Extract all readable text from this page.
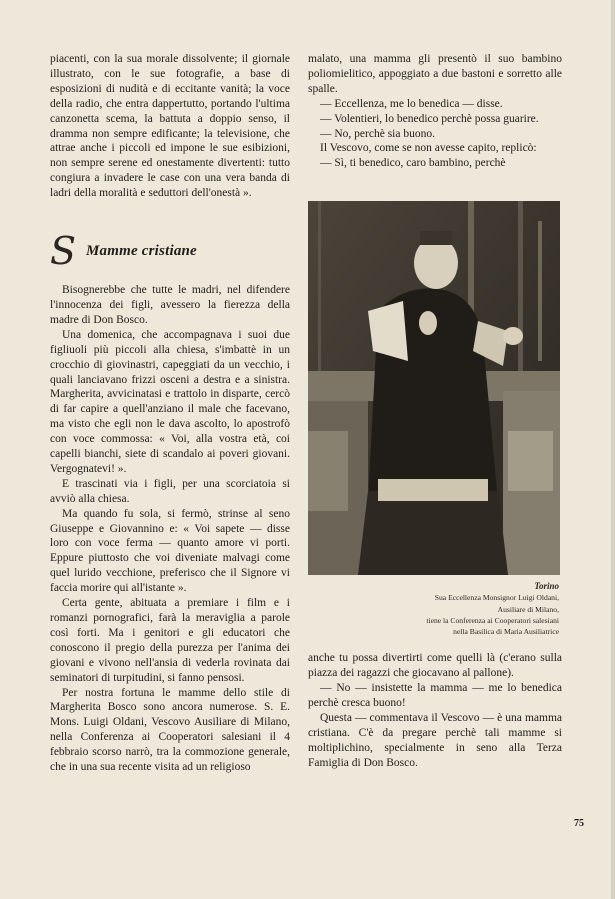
piacenti, con la sua morale dissolvente; il giornale illustrato, con le sue fotografie, a base di esposizioni di nudità e di eccitante vanità; la voce della radio, che entra dappertutto, portando l'ultima canzonetta scema, la battuta a doppio senso, il dramma non sempre edificante; la televisione, che attrae anche i piccoli ed impone le sue esibizioni, non sempre serene ed onestamente divertenti: tutto congiura a invadere le case con una vera banda di ladri della moralità e seduttori dell'onestà ».

S Mamme cristiane

Bisognerebbe che tutte le madri, nel difendere l'innocenza dei figli, avessero la fierezza della madre di Don Bosco.

Una domenica, che accompagnava i suoi due figliuoli più piccoli alla chiesa, s'imbattè in un crocchio di giovinastri, capeggiati da un vecchio, i quali lanciavano frizzi osceni a destra e a sinistra. Margherita, avvicinatasi e trattolo in disparte, cercò di far capire a quell'anziano il male che facevano, ma visto che egli non le dava ascolto, lo apostrofò con voce commossa: « Voi, alla vostra età, coi capelli bianchi, siete di scandalo ai poveri giovani. Vergognatevi! ».

E trascinati via i figli, per una scorciatoia si avviò alla chiesa.

Ma quando fu sola, si fermò, strinse al seno Giuseppe e Giovannino e: « Voi sapete — disse loro con voce ferma — quanto amore vi porti. Eppure piuttosto che voi diveniate malvagi come quel lurido vecchione, preferisco che il Signore vi faccia morire qui all'istante ».

Certa gente, abituata a premiare i film e i romanzi pornografici, farà la meraviglia a parole così forti. Ma i genitori e gli educatori che conoscono il pregio della purezza per l'anima dei giovani e vivono nell'ansia di vederla rovinata dai seminatori di turpitudini, si fanno pensosi.

Per nostra fortuna le mamme dello stile di Margherita Bosco sono ancora numerose. S. E. Mons. Luigi Oldani, Vescovo Ausiliare di Milano, nella Conferenza ai Cooperatori salesiani il 4 febbraio scorso narrò, tra la commozione generale, che in una sua recente visita ad un religioso

malato, una mamma gli presentò il suo bambino poliomielitico, appoggiato a due bastoni e sorretto alle spalle.

— Eccellenza, me lo benedica — disse.

— Volentieri, lo benedico perchè possa guarire.

— No, perchè sia buono.

Il Vescovo, come se non avesse capito, replicò:

— Sì, ti benedico, caro bambino, perchè

Torino
Sua Eccellenza Monsignor Luigi Oldani,
Ausiliare di Milano,
tiene la Conferenza ai Cooperatori salesiani
nella Basilica di Maria Ausiliatrice

anche tu possa divertirti come quelli là (c'erano sulla piazza dei ragazzi che giocavano al pallone).

— No — insistette la mamma — me lo benedica perchè cresca buono!

Questa — commentava il Vescovo — è una mamma cristiana. C'è da pregare perchè tali mamme si moltiplichino, specialmente in seno alla Terza Famiglia di Don Bosco.

75
